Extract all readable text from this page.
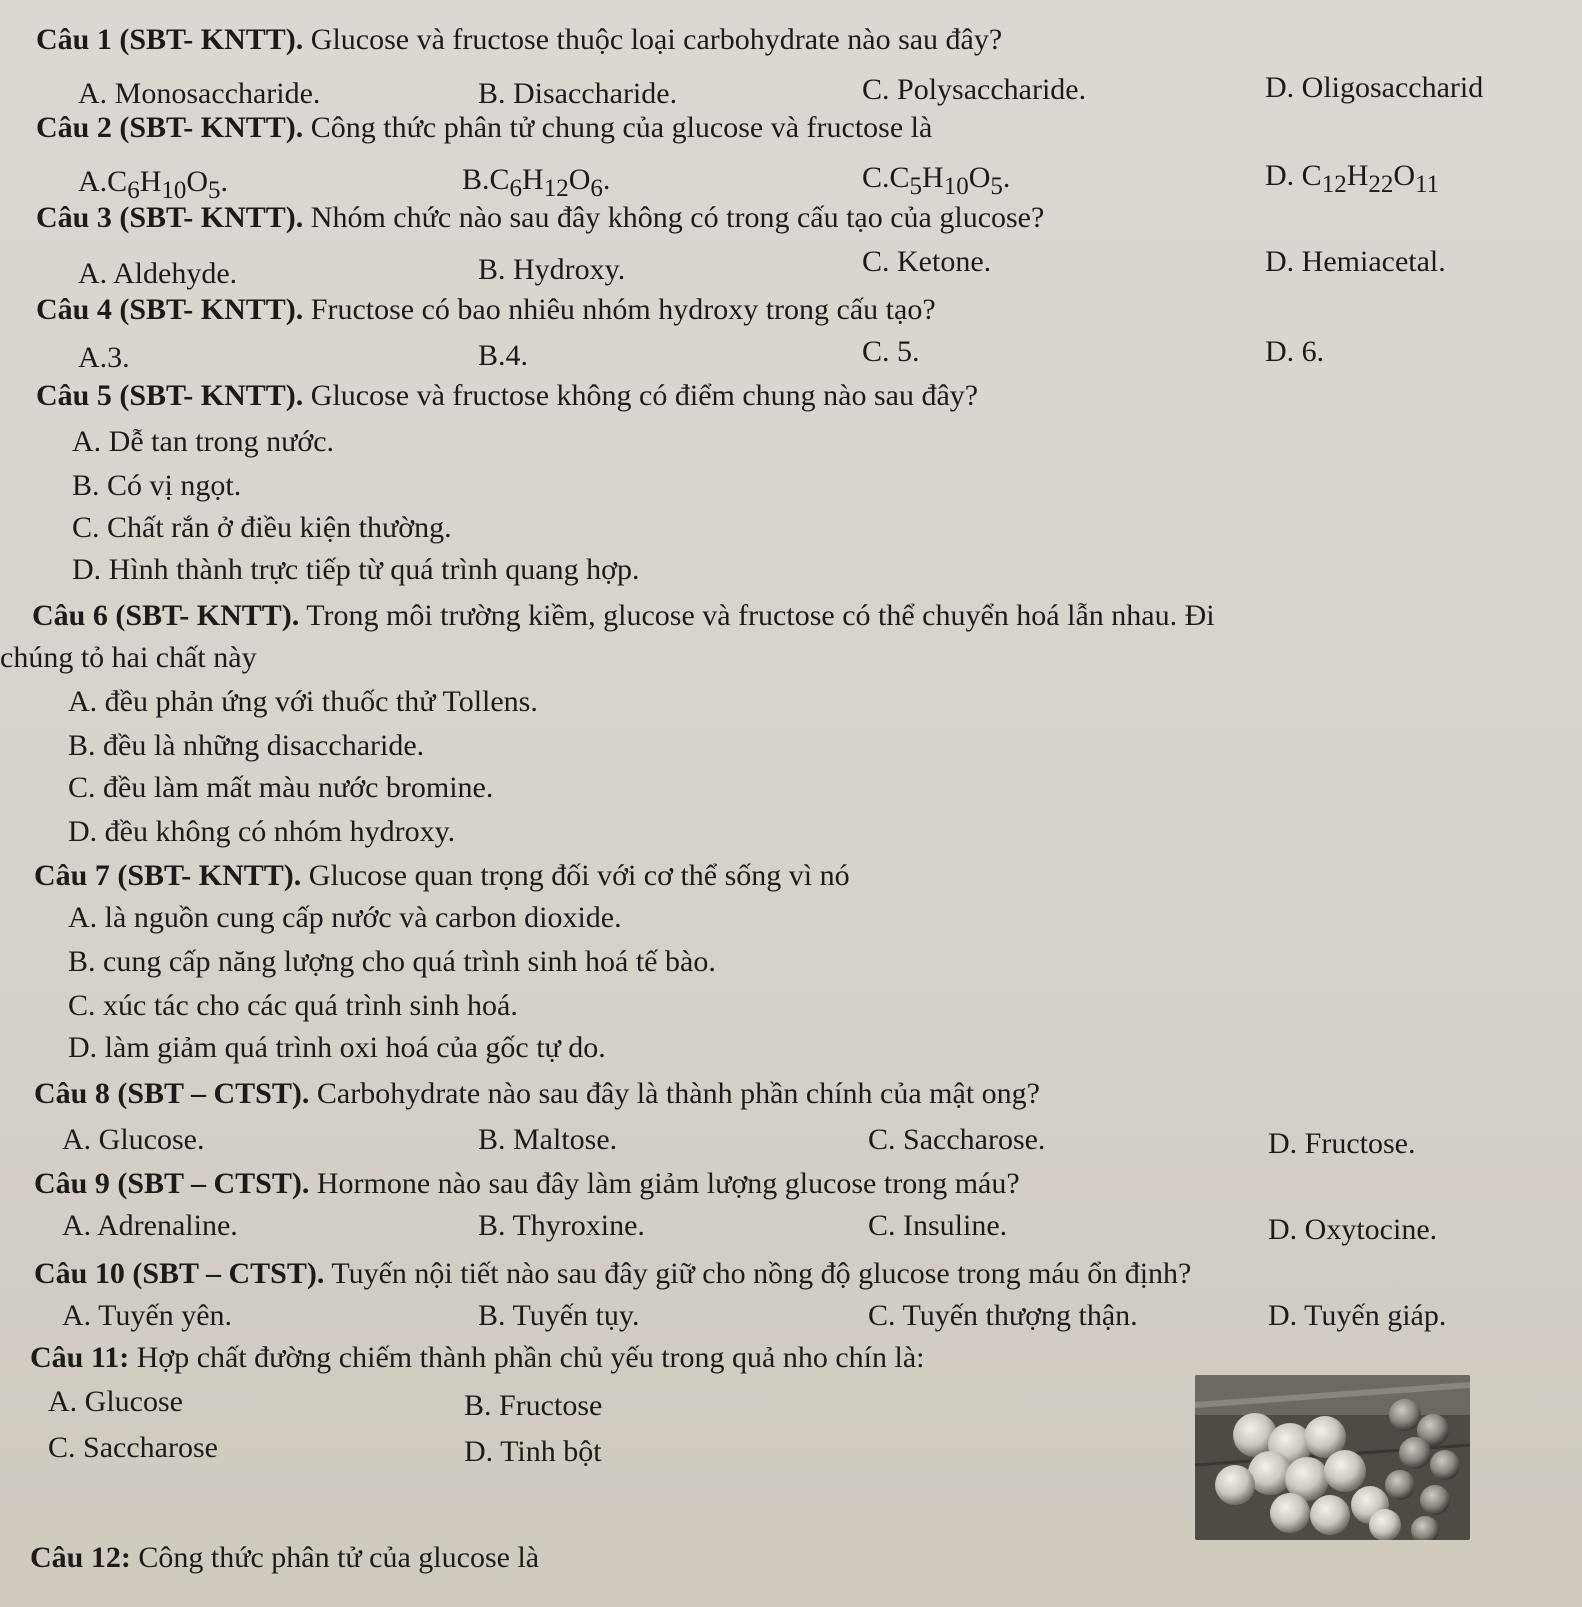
Câu 1 (SBT- KNTT). Glucose và fructose thuộc loại carbohydrate nào sau đây?
A. Monosaccharide.	B. Disaccharide.	C. Polysaccharide.	D. Oligosaccharid
Câu 2 (SBT- KNTT). Công thức phân tử chung của glucose và fructose là
$A.C_6H_{10}O_5$.	$B.C_6H_{12}O_6$.	$C.C_5H_{10}O_5$.	D. $C_{12}H_{22}O_{11}$
Câu 3 (SBT- KNTT). Nhóm chức nào sau đây không có trong cấu tạo của glucose?
A. Aldehyde.	B. Hydroxy.	C. Ketone.	D. Hemiacetal.
Câu 4 (SBT- KNTT). Fructose có bao nhiêu nhóm hydroxy trong cấu tạo?
A.3.	B.4.	C. 5.	D. 6.
Câu 5 (SBT- KNTT). Glucose và fructose không có điểm chung nào sau đây?
A. Dễ tan trong nước.
B. Có vị ngọt.
C. Chất rắn ở điều kiện thường.
D. Hình thành trực tiếp từ quá trình quang hợp.
Câu 6 (SBT- KNTT). Trong môi trường kiềm, glucose và fructose có thể chuyển hoá lẫn nhau. Đi
chúng tỏ hai chất này
A. đều phản ứng với thuốc thử Tollens.
B. đều là những disaccharide.
C. đều làm mất màu nước bromine.
D. đều không có nhóm hydroxy.
Câu 7 (SBT- KNTT). Glucose quan trọng đối với cơ thể sống vì nó
A. là nguồn cung cấp nước và carbon dioxide.
B. cung cấp năng lượng cho quá trình sinh hoá tế bào.
C. xúc tác cho các quá trình sinh hoá.
D. làm giảm quá trình oxi hoá của gốc tự do.
Câu 8 (SBT – CTST). Carbohydrate nào sau đây là thành phần chính của mật ong?
A. Glucose.	B. Maltose.	C. Saccharose.	D. Fructose.
Câu 9 (SBT – CTST). Hormone nào sau đây làm giảm lượng glucose trong máu?
A. Adrenaline.	B. Thyroxine.	C. Insuline.	D. Oxytocine.
Câu 10 (SBT – CTST). Tuyến nội tiết nào sau đây giữ cho nồng độ glucose trong máu ổn định?
A. Tuyến yên.	B. Tuyến tụy.	C. Tuyến thượng thận.	D. Tuyến giáp.
Câu 11: Hợp chất đường chiếm thành phần chủ yếu trong quả nho chín là:
A. Glucose	B. Fructose
C. Saccharose	D. Tinh bột
Câu 12: Công thức phân tử của glucose là
